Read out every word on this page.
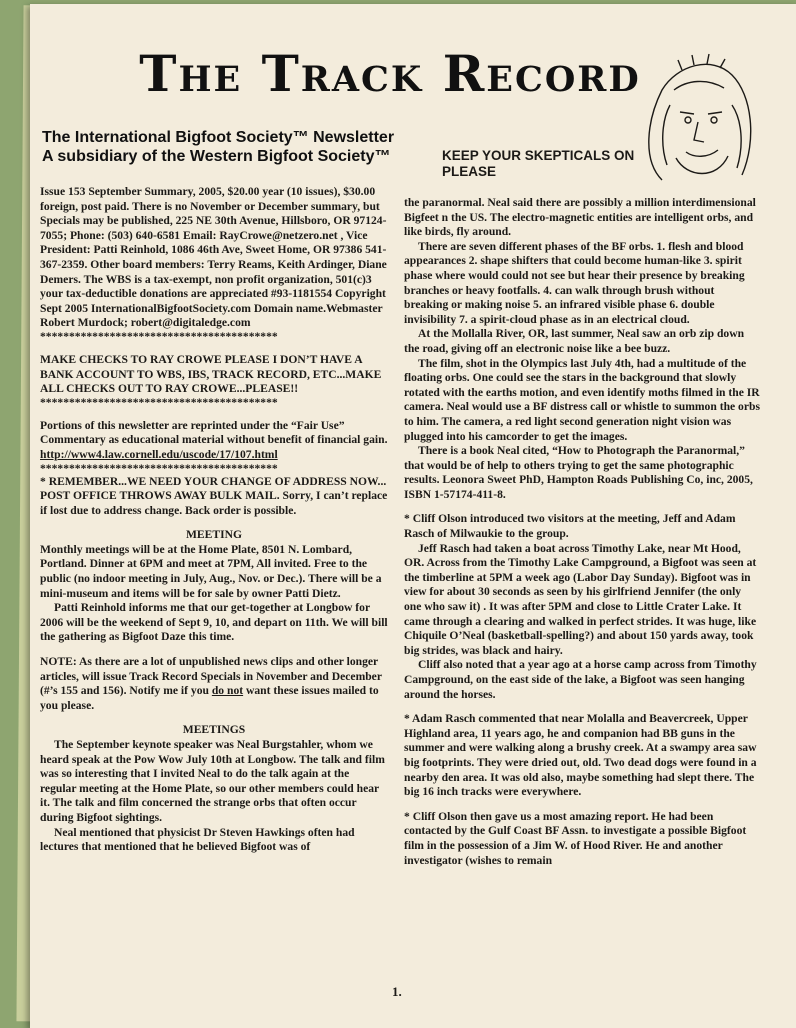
The Track Record
The International Bigfoot Society™ Newsletter
A subsidiary of the Western Bigfoot Society™	KEEP YOUR SKEPTICALS ON PLEASE

Issue 153 September Summary, 2005, $20.00 year (10 issues), $30.00 foreign, post paid. There is no November or December summary, but Specials may be published, 225 NE 30th Avenue, Hillsboro, OR 97124-7055; Phone: (503) 640-6581 Email: RayCrowe@netzero.net , Vice President: Patti Reinhold, 1086 46th Ave, Sweet Home, OR 97386 541-367-2359. Other board members: Terry Reams, Keith Ardinger, Diane Demers. The WBS is a tax-exempt, non profit organization, 501(c)3 your tax-deductible donations are appreciated #93-1181554 Copyright Sept 2005 InternationalBigfootSociety.com Domain name.Webmaster Robert Murdock; robert@digitaledge.com

*****************************************

MAKE CHECKS TO RAY CROWE PLEASE I DON’T HAVE A BANK ACCOUNT TO WBS, IBS, TRACK RECORD, ETC...MAKE ALL CHECKS OUT TO RAY CROWE...PLEASE!!

*****************************************

Portions of this newsletter are reprinted under the “Fair Use” Commentary as educational material without benefit of financial gain.

http://www4.law.cornell.edu/uscode/17/107.html

*****************************************

* REMEMBER...WE NEED YOUR CHANGE OF ADDRESS NOW... POST OFFICE THROWS AWAY BULK MAIL. Sorry, I can’t replace if lost due to address change. Back order is possible.

MEETING

Monthly meetings will be at the Home Plate, 8501 N. Lombard, Portland. Dinner at 6PM and meet at 7PM, All invited. Free to the public (no indoor meeting in July, Aug., Nov. or Dec.). There will be a mini-museum and items will be for sale by owner Patti Dietz.

Patti Reinhold informs me that our get-together at Longbow for 2006 will be the weekend of Sept 9, 10, and depart on 11th. We will bill the gathering as Bigfoot Daze this time.

NOTE: As there are a lot of unpublished news clips and other longer articles, will issue Track Record Specials in November and December (#’s 155 and 156). Notify me if you do not want these issues mailed to you please.

MEETINGS

The September keynote speaker was Neal Burgstahler, whom we heard speak at the Pow Wow July 10th at Longbow. The talk and film was so interesting that I invited Neal to do the talk again at the regular meeting at the Home Plate, so our other members could hear it. The talk and film concerned the strange orbs that often occur during Bigfoot sightings.

Neal mentioned that physicist Dr Steven Hawkings often had lectures that mentioned that he believed Bigfoot was of

the paranormal. Neal said there are possibly a million interdimensional Bigfeet n the US. The electro-magnetic entities are intelligent orbs, and like birds, fly around.

There are seven different phases of the BF orbs. 1. flesh and blood appearances 2. shape shifters that could become human-like 3. spirit phase where would could not see but hear their presence by breaking branches or heavy footfalls. 4. can walk through brush without breaking or making noise 5. an infrared visible phase 6. double invisibility 7. a spirit-cloud phase as in an electrical cloud.

At the Mollalla River, OR, last summer, Neal saw an orb zip down the road, giving off an electronic noise like a bee buzz.

The film, shot in the Olympics last July 4th, had a multitude of the floating orbs. One could see the stars in the background that slowly rotated with the earths motion, and even identify moths filmed in the IR camera. Neal would use a BF distress call or whistle to summon the orbs to him. The camera, a red light second generation night vision was plugged into his camcorder to get the images.

There is a book Neal cited, “How to Photograph the Paranormal,” that would be of help to others trying to get the same photographic results. Leonora Sweet PhD, Hampton Roads Publishing Co, inc, 2005, ISBN 1-57174-411-8.

* Cliff Olson introduced two visitors at the meeting, Jeff and Adam Rasch of Milwaukie to the group.

Jeff Rasch had taken a boat across Timothy Lake, near Mt Hood, OR. Across from the Timothy Lake Campground, a Bigfoot was seen at the timberline at 5PM a week ago (Labor Day Sunday). Bigfoot was in view for about 30 seconds as seen by his girlfriend Jennifer (the only one who saw it) . It was after 5PM and close to Little Crater Lake. It came through a clearing and walked in perfect strides. It was huge, like Chiquile O’Neal (basketball-spelling?) and about 150 yards away, took big strides, was black and hairy.

Cliff also noted that a year ago at a horse camp across from Timothy Campground, on the east side of the lake, a Bigfoot was seen hanging around the horses.

* Adam Rasch commented that near Molalla and Beavercreek, Upper Highland area, 11 years ago, he and companion had BB guns in the summer and were walking along a brushy creek. At a swampy area saw big footprints. They were dried out, old. Two dead dogs were found in a nearby den area. It was old also, maybe something had slept there. The big 16 inch tracks were everywhere.

* Cliff Olson then gave us a most amazing report. He had been contacted by the Gulf Coast BF Assn. to investigate a possible Bigfoot film in the possession of a Jim W. of Hood River. He and another investigator (wishes to remain

1.
